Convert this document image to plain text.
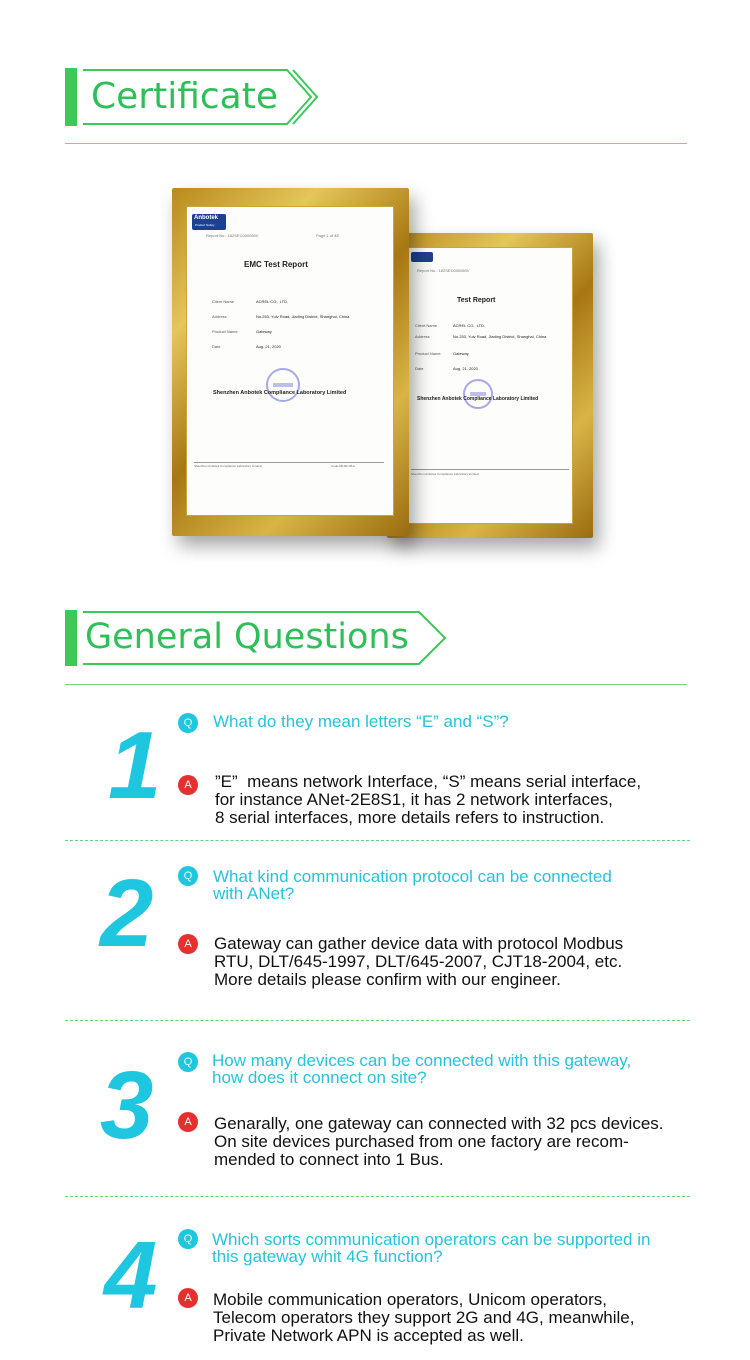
Certificate
Report No.: 182SEC000080V
Test Report
Client Name	ACREL CO., LTD.
Address	No.253, Yulv Road, Jiading District, Shanghai, China
Product Name	Gateway
Date	Aug. 21, 2020
Shenzhen Anbotek Compliance Laboratory Limited
Shenzhen Anbotek Compliance Laboratory Limited
Anbotek
Product Safety
Report No.: 182SEC000080V	Page 1 of 48
EMC Test Report
Client Name	ACREL CO., LTD.
Address	No.253, Yulv Road, Jiading District, Shanghai, China
Product Name	Gateway
Date	Aug. 21, 2020
Shenzhen Anbotek Compliance Laboratory Limited
Shenzhen Anbotek Compliance Laboratory Limited	Code:AB-RF-05-b
General Questions
1	Q	What do they mean letters “E” and “S”?
A	”E”  means network Interface, “S” means serial interface,
for instance ANet-2E8S1, it has 2 network interfaces,
8 serial interfaces, more details refers to instruction.
2	Q	What kind communication protocol can be connected
with ANet?
A	Gateway can gather device data with protocol Modbus
RTU, DLT/645-1997, DLT/645-2007, CJT18-2004, etc.
More details please confirm with our engineer.
3	Q	How many devices can be connected with this gateway,
how does it connect on site?
A	Genarally, one gateway can connected with 32 pcs devices.
On site devices purchased from one factory are recom-
mended to connect into 1 Bus.
4	Q	Which sorts communication operators can be supported in
this gateway whit 4G function?
A	Mobile communication operators, Unicom operators,
Telecom operators they support 2G and 4G, meanwhile,
Private Network APN is accepted as well.
